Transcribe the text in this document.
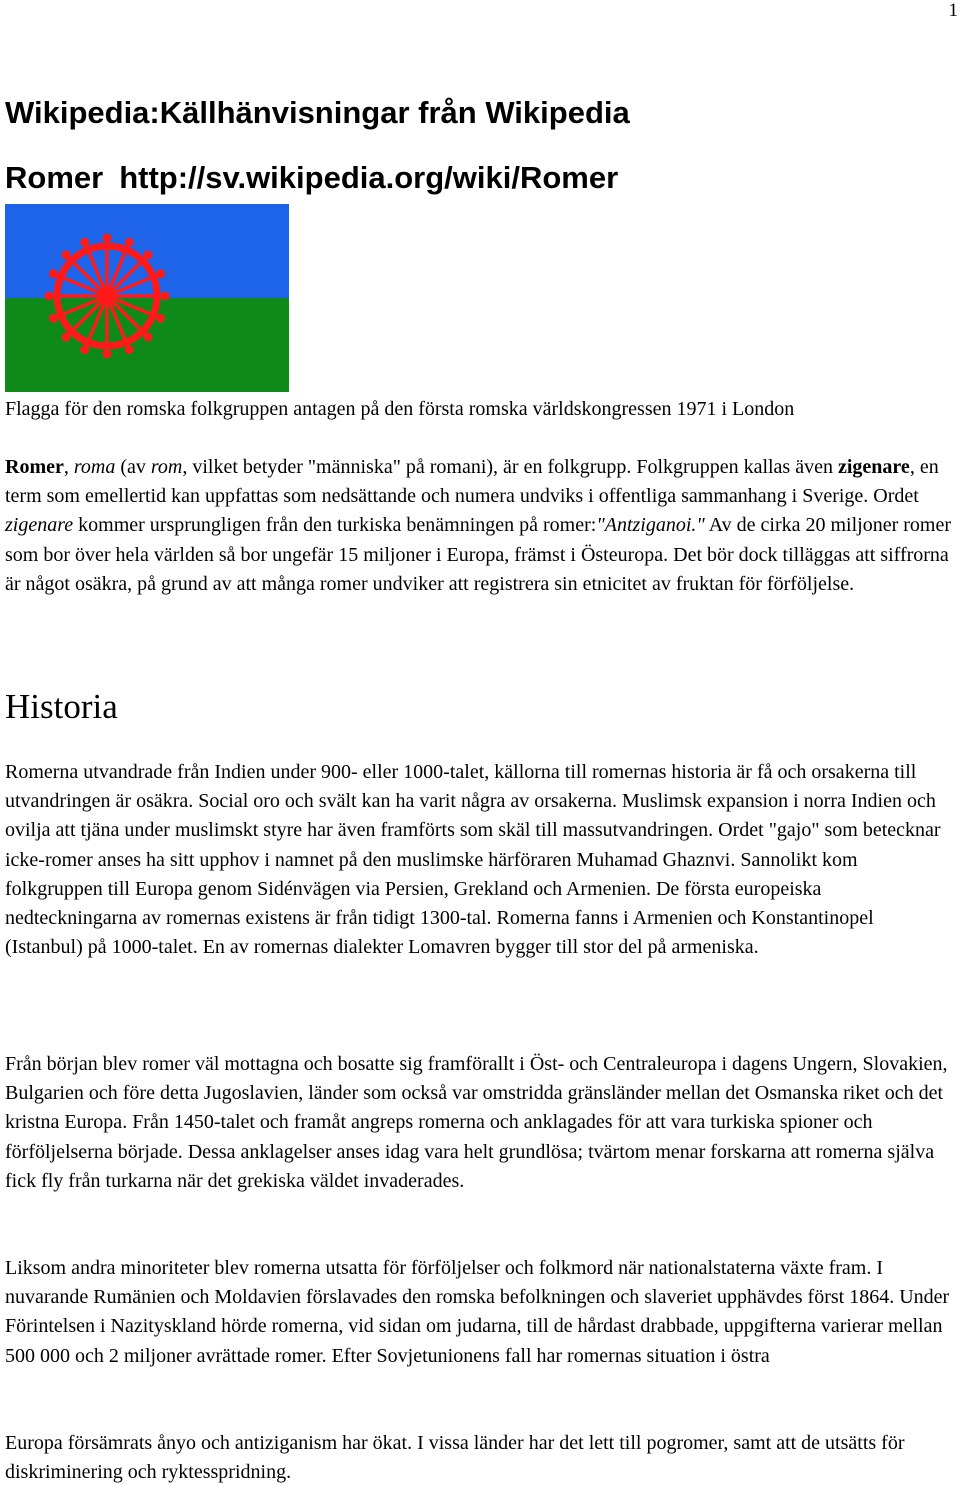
1
Wikipedia:Källhänvisningar från Wikipedia
Romer http://sv.wikipedia.org/wiki/Romer

Flagga för den romska folkgruppen antagen på den första romska världskongressen 1971 i London

Romer, roma (av rom, vilket betyder "människa" på romani), är en folkgrupp. Folkgruppen kallas även zigenare, en term som emellertid kan uppfattas som nedsättande och numera undviks i offentliga sammanhang i Sverige. Ordet zigenare kommer ursprungligen från den turkiska benämningen på romer:"Antziganoi." Av de cirka 20 miljoner romer som bor över hela världen så bor ungefär 15 miljoner i Europa, främst i Östeuropa. Det bör dock tilläggas att siffrorna är något osäkra, på grund av att många romer undviker att registrera sin etnicitet av fruktan för förföljelse.

Historia

Romerna utvandrade från Indien under 900- eller 1000-talet, källorna till romernas historia är få och orsakerna till utvandringen är osäkra. Social oro och svält kan ha varit några av orsakerna. Muslimsk expansion i norra Indien och ovilja att tjäna under muslimskt styre har även framförts som skäl till massutvandringen. Ordet "gajo" som betecknar icke-romer anses ha sitt upphov i namnet på den muslimske härföraren Muhamad Ghaznvi. Sannolikt kom folkgruppen till Europa genom Sidénvägen via Persien, Grekland och Armenien. De första europeiska nedteckningarna av romernas existens är från tidigt 1300-tal. Romerna fanns i Armenien och Konstantinopel (Istanbul) på 1000-talet. En av romernas dialekter Lomavren bygger till stor del på armeniska.

Från början blev romer väl mottagna och bosatte sig framförallt i Öst- och Centraleuropa i dagens Ungern, Slovakien, Bulgarien och före detta Jugoslavien, länder som också var omstridda gränsländer mellan det Osmanska riket och det kristna Europa. Från 1450-talet och framåt angreps romerna och anklagades för att vara turkiska spioner och förföljelserna började. Dessa anklagelser anses idag vara helt grundlösa; tvärtom menar forskarna att romerna själva fick fly från turkarna när det grekiska väldet invaderades.

Liksom andra minoriteter blev romerna utsatta för förföljelser och folkmord när nationalstaterna växte fram. I nuvarande Rumänien och Moldavien förslavades den romska befolkningen och slaveriet upphävdes först 1864. Under Förintelsen i Nazityskland hörde romerna, vid sidan om judarna, till de hårdast drabbade, uppgifterna varierar mellan 500 000 och 2 miljoner avrättade romer. Efter Sovjetunionens fall har romernas situation i östra

Europa försämrats ånyo och antiziganism har ökat. I vissa länder har det lett till pogromer, samt att de utsätts för diskriminering och ryktesspridning.
